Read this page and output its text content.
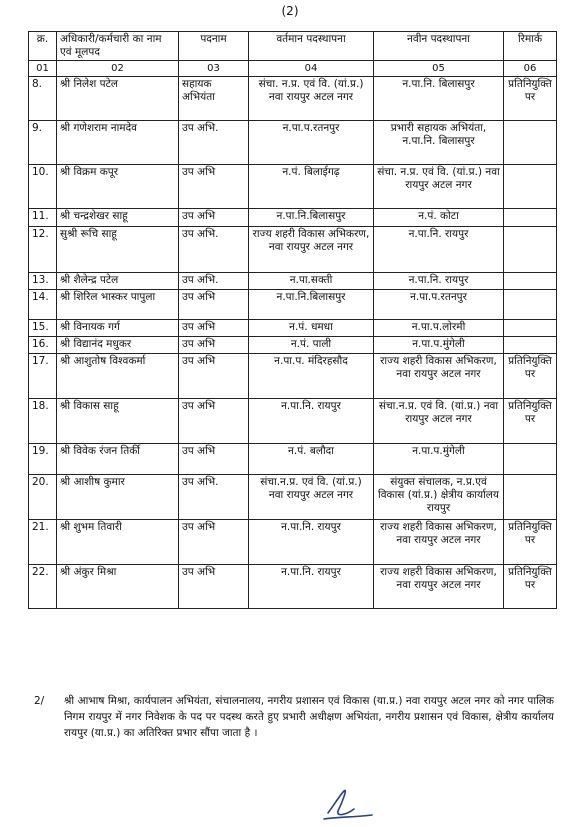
(2)
क्र.	अधिकारी/कर्मचारी का नाम एवं मूलपद	पदनाम	वर्तमान पदस्थापना	नवीन पदस्थापना	रिमार्क
01	02	03	04	05	06
8.	श्री निलेश पटेल	सहायक अभियंता	संचा. न.प्र. एवं वि. (यां.प्र.) नवा रायपुर अटल नगर	न.पा.नि. बिलासपुर	प्रतिनियुक्ति पर
9.	श्री गणेशराम नामदेव	उप अभि.	न.पा.प.रतनपुर	प्रभारी सहायक अभियंता, न.पा.नि. बिलासपुर	
10.	श्री विक्रम कपूर	उप अभि	न.पं. बिलाईगढ़	संचा. न.प्र. एवं वि. (यां.प्र.) नवा रायपुर अटल नगर	
11.	श्री चन्द्रशेखर साहू	उप अभि	न.पा.नि.बिलासपुर	न.पं. कोटा	
12.	सुश्री रूचि साहू	उप अभि.	राज्य शहरी विकास अभिकरण, नवा रायपुर अटल नगर	न.पा.नि. रायपुर	
13.	श्री शैलेन्द्र पटेल	उप अभि.	न.पा.सक्ती	न.पा.नि. रायपुर	
14.	श्री शिरिल भास्कर पापुला	उप अभि	न.पा.नि.बिलासपुर	न.पा.प.रतनपुर	
15.	श्री विनायक गर्ग	उप अभि	न.पं. धमधा	न.पा.प.लोरमी	
16.	श्री विद्यानंद मधुकर	उप अभि	न.पं. पाली	न.पा.प.मुंगेली	
17.	श्री आशुतोष विश्वकर्मा	उप अभि	न.पा.प. मंदिरहसौद	राज्य शहरी विकास अभिकरण, नवा रायपुर अटल नगर	प्रतिनियुक्ति पर
18.	श्री विकास साहू	उप अभि	न.पा.नि. रायपुर	संचा.न.प्र. एवं वि. (यां.प्र.) नवा रायपुर अटल नगर	प्रतिनियुक्ति पर
19.	श्री विवेक रंजन तिर्की	उप अभि	न.पं. बलौदा	न.पा.प.मुंगेली	
20.	श्री आशीष कुमार	उप अभि.	संचा.न.प्र. एवं वि. (यां.प्र.) नवा रायपुर अटल नगर	संयुक्त संचालक, न.प्र.एवं विकास (यां.प्र.) क्षेत्रीय कार्यालय रायपुर	
21.	श्री शुभम तिवारी	उप अभि	न.पा.नि. रायपुर	राज्य शहरी विकास अभिकरण, नवा रायपुर अटल नगर	प्रतिनियुक्ति पर
22.	श्री अंकुर मिश्रा	उप अभि	न.पा.नि. रायपुर	राज्य शहरी विकास अभिकरण, नवा रायपुर अटल नगर	प्रतिनियुक्ति पर
2/ श्री आभाष मिश्रा, कार्यपालन अभियंता, संचालनालय, नगरीय प्रशासन एवं विकास (या.प्र.) नवा रायपुर अटल नगर को नगर पालिक निगम रायपुर में नगर निवेशक के पद पर पदस्थ करते हुए प्रभारी अधीक्षण अभियंता, नगरीय प्रशासन एवं विकास, क्षेत्रीय कार्यालय रायपुर (या.प्र.) का अतिरिक्त प्रभार सौंपा जाता है ।
